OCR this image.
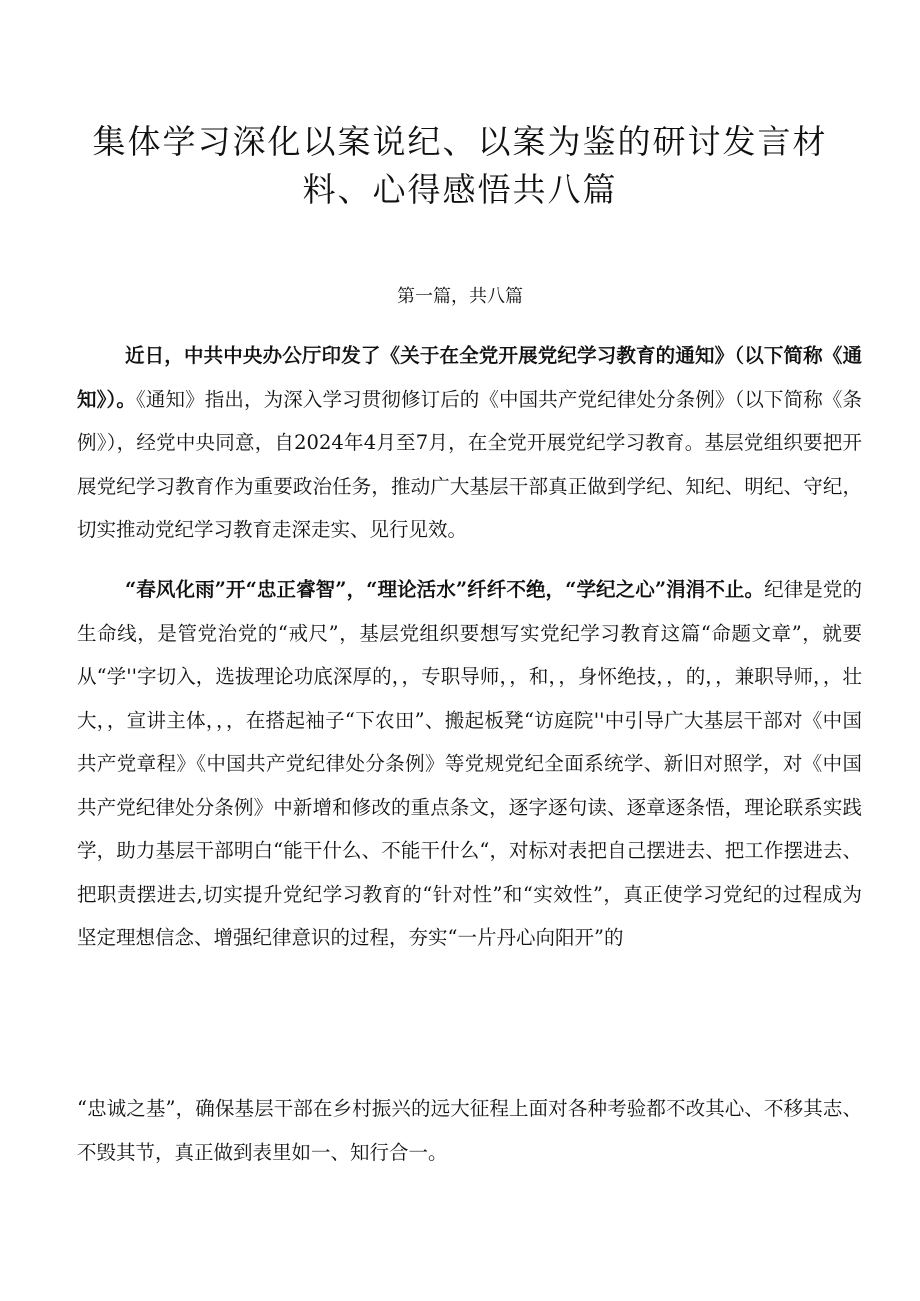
集体学习深化以案说纪、以案为鉴的研讨发言材
料、心得感悟共八篇

第一篇，共八篇

近日，中共中央办公厅印发了《关于在全党开展党纪学习教育的通知》（以下简称《通知》）。《通知》指出，为深入学习贯彻修订后的《中国共产党纪律处分条例》（以下简称《条例》），经党中央同意，自2024年4月至7月，在全党开展党纪学习教育。基层党组织要把开展党纪学习教育作为重要政治任务，推动广大基层干部真正做到学纪、知纪、明纪、守纪，切实推动党纪学习教育走深走实、见行见效。

“春风化雨”开“忠正睿智”，“理论活水”纤纤不绝，“学纪之心”涓涓不止。纪律是党的生命线，是管党治党的“戒尺”，基层党组织要想写实党纪学习教育这篇“命题文章”，就要从“学''字切入，选拔理论功底深厚的，，专职导师，，和，，身怀绝技，，的，，兼职导师，，壮大，，宣讲主体，，，在搭起袖子“下农田”、搬起板凳“访庭院''中引导广大基层干部对《中国共产党章程》《中国共产党纪律处分条例》等党规党纪全面系统学、新旧对照学，对《中国共产党纪律处分条例》中新增和修改的重点条文，逐字逐句读、逐章逐条悟，理论联系实践学，助力基层干部明白“能干什么、不能干什么“，对标对表把自己摆进去、把工作摆进去、把职责摆进去,切实提升党纪学习教育的“针对性”和“实效性”，真正使学习党纪的过程成为坚定理想信念、增强纪律意识的过程，夯实“一片丹心向阳开”的

“忠诚之基”，确保基层干部在乡村振兴的远大征程上面对各种考验都不改其心、不移其志、不毁其节，真正做到表里如一、知行合一。
